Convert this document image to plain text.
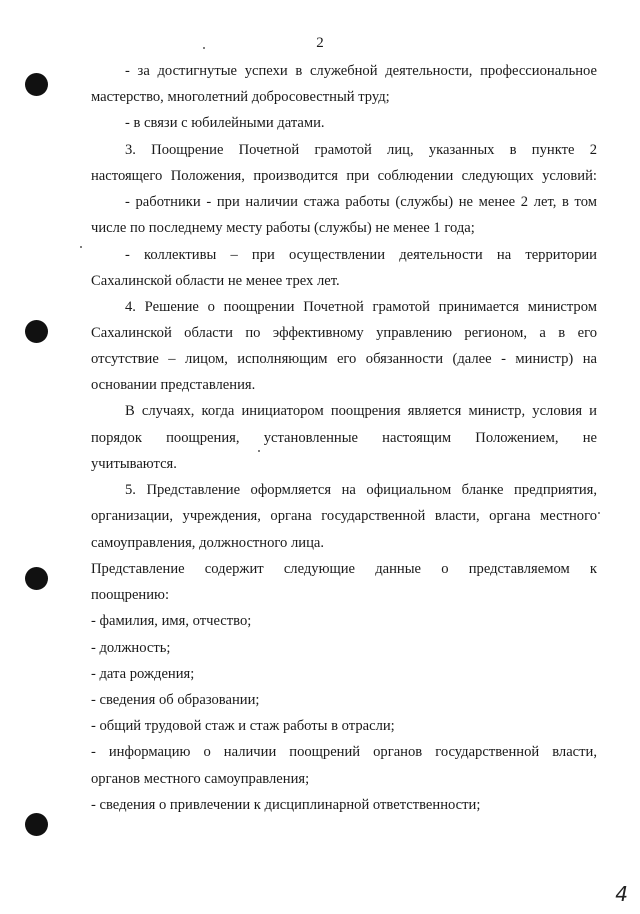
2
- за достигнутые успехи в служебной деятельности, профессиональное
мастерство, многолетний добросовестный труд;
- в связи с юбилейными датами.
3. Поощрение Почетной грамотой лиц, указанных в пункте 2
настоящего Положения, производится при соблюдении следующих условий:
- работники - при наличии стажа работы (службы) не менее 2 лет, в том
числе по последнему месту работы (службы) не менее 1 года;
- коллективы – при осуществлении деятельности на территории
Сахалинской области не менее трех лет.
4. Решение о поощрении Почетной грамотой принимается министром
Сахалинской области по эффективному управлению регионом, а в его
отсутствие – лицом, исполняющим его обязанности (далее - министр) на
основании представления.
В случаях, когда инициатором поощрения является министр, условия и
порядок поощрения, установленные настоящим Положением, не
учитываются.
5. Представление оформляется на официальном бланке предприятия,
организации, учреждения, органа государственной власти, органа местного
самоуправления, должностного лица.
Представление содержит следующие данные о представляемом к
поощрению:
- фамилия, имя, отчество;
- должность;
- дата рождения;
- сведения об образовании;
- общий трудовой стаж и стаж работы в отрасли;
- информацию о наличии поощрений органов государственной власти,
органов местного самоуправления;
- сведения о привлечении к дисциплинарной ответственности;
4
